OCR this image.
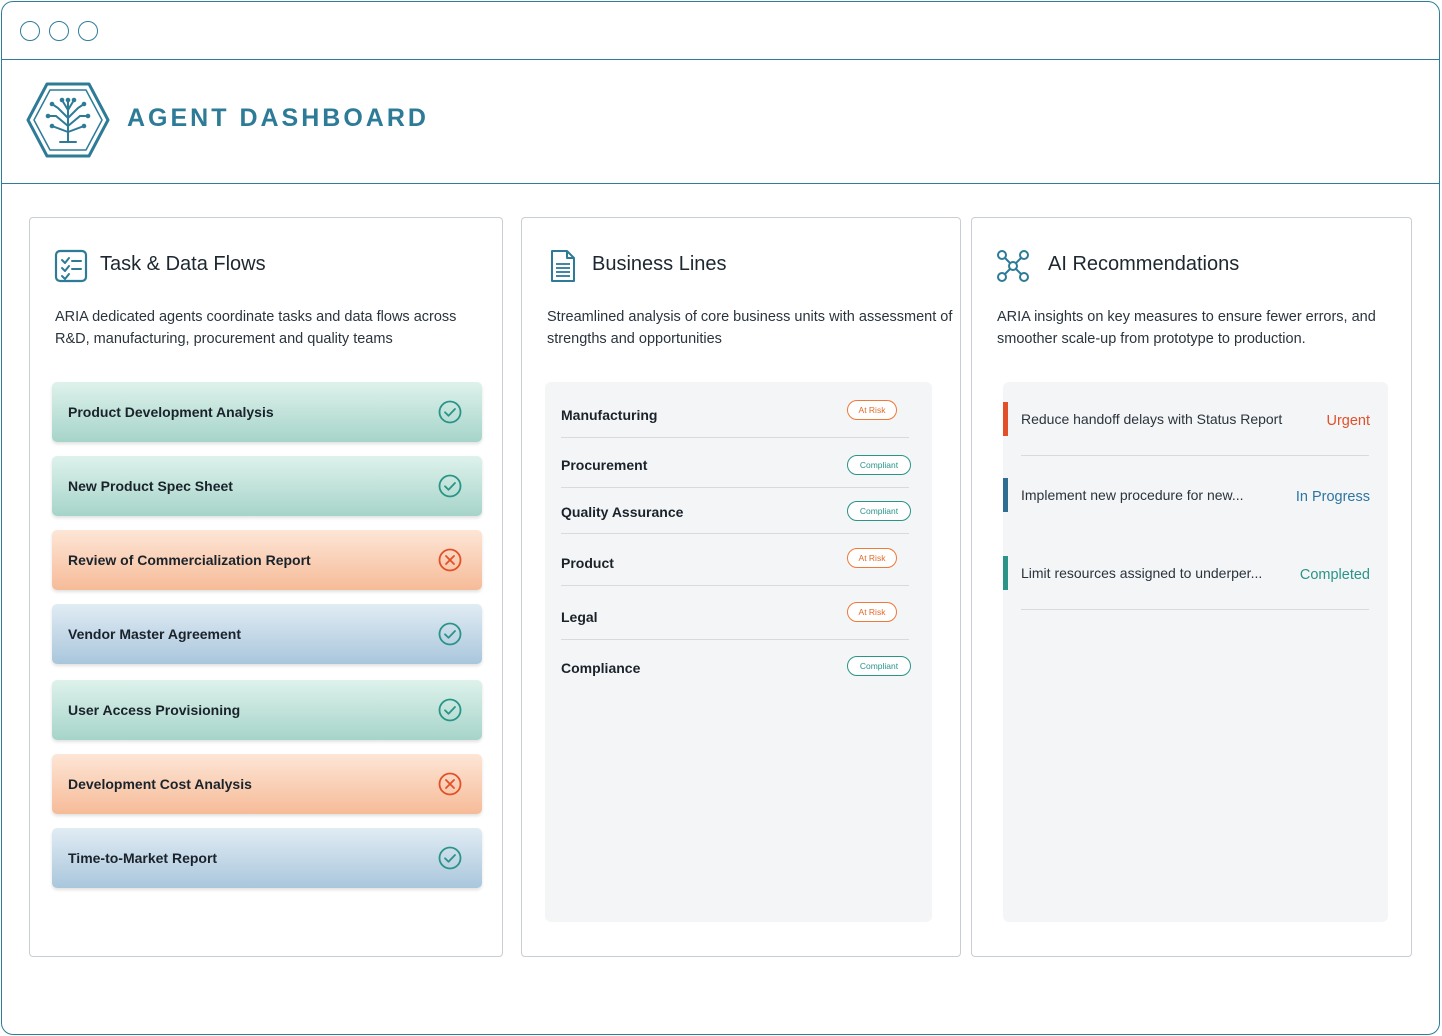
AGENT DASHBOARD
Task & Data Flows
ARIA dedicated agents coordinate tasks and data flows across R&D, manufacturing, procurement and quality teams
Product Development Analysis
New Product Spec Sheet
Review of Commercialization Report
Vendor Master Agreement
User Access Provisioning
Development Cost Analysis
Time-to-Market Report
Business Lines
Streamlined analysis of core business units with assessment of strengths and opportunities
Manufacturing	At Risk
Procurement	Compliant
Quality Assurance	Compliant
Product	At Risk
Legal	At Risk
Compliance	Compliant
AI Recommendations
ARIA insights on key measures to ensure fewer errors, and smoother scale-up from prototype to production.
Reduce handoff delays with Status Report	Urgent
Implement new procedure for new...	In Progress
Limit resources assigned to underper...	Completed
